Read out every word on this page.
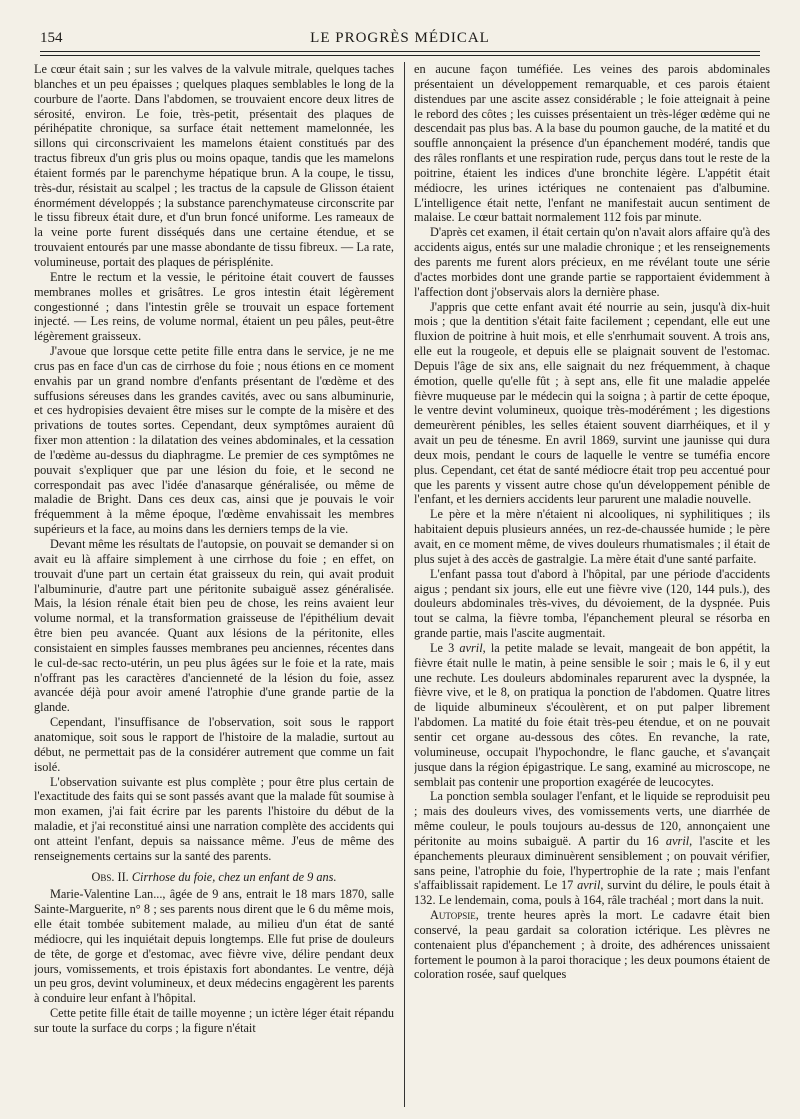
154	LE PROGRÈS MÉDICAL

Le cœur était sain ; sur les valves de la valvule mitrale, quelques taches blanches et un peu épaisses ; quelques plaques semblables le long de la courbure de l'aorte. Dans l'abdomen, se trouvaient encore deux litres de sérosité, environ. Le foie, très-petit, présentait des plaques de périhépatite chronique, sa surface était nettement mamelonnée, les sillons qui circonscrivaient les mamelons étaient constitués par des tractus fibreux d'un gris plus ou moins opaque, tandis que les mamelons étaient formés par le parenchyme hépatique brun. A la coupe, le tissu, très-dur, résistait au scalpel ; les tractus de la capsule de Glisson étaient énormément développés ; la substance parenchymateuse circonscrite par le tissu fibreux était dure, et d'un brun foncé uniforme. Les rameaux de la veine porte furent disséqués dans une certaine étendue, et se trouvaient entourés par une masse abondante de tissu fibreux. — La rate, volumineuse, portait des plaques de périsplénite.

Entre le rectum et la vessie, le péritoine était couvert de fausses membranes molles et grisâtres. Le gros intestin était légèrement congestionné ; dans l'intestin grêle se trouvait un espace fortement injecté. — Les reins, de volume normal, étaient un peu pâles, peut-être légèrement graisseux.

J'avoue que lorsque cette petite fille entra dans le service, je ne me crus pas en face d'un cas de cirrhose du foie ; nous étions en ce moment envahis par un grand nombre d'enfants présentant de l'œdème et des suffusions séreuses dans les grandes cavités, avec ou sans albuminurie, et ces hydropisies devaient être mises sur le compte de la misère et des privations de toutes sortes. Cependant, deux symptômes auraient dû fixer mon attention : la dilatation des veines abdominales, et la cessation de l'œdème au-dessus du diaphragme. Le premier de ces symptômes ne pouvait s'expliquer que par une lésion du foie, et le second ne correspondait pas avec l'idée d'anasarque généralisée, ou même de maladie de Bright. Dans ces deux cas, ainsi que je pouvais le voir fréquemment à la même époque, l'œdème envahissait les membres supérieurs et la face, au moins dans les derniers temps de la vie.

Devant même les résultats de l'autopsie, on pouvait se demander si on avait eu là affaire simplement à une cirrhose du foie ; en effet, on trouvait d'une part un certain état graisseux du rein, qui avait produit l'albuminurie, d'autre part une péritonite subaiguë assez généralisée. Mais, la lésion rénale était bien peu de chose, les reins avaient leur volume normal, et la transformation graisseuse de l'épithélium devait être bien peu avancée. Quant aux lésions de la péritonite, elles consistaient en simples fausses membranes peu anciennes, récentes dans le cul-de-sac recto-utérin, un peu plus âgées sur le foie et la rate, mais n'offrant pas les caractères d'ancienneté de la lésion du foie, assez avancée déjà pour avoir amené l'atrophie d'une grande partie de la glande.

Cependant, l'insuffisance de l'observation, soit sous le rapport anatomique, soit sous le rapport de l'histoire de la maladie, surtout au début, ne permettait pas de la considérer autrement que comme un fait isolé.

L'observation suivante est plus complète ; pour être plus certain de l'exactitude des faits qui se sont passés avant que la malade fût soumise à mon examen, j'ai fait écrire par les parents l'histoire du début de la maladie, et j'ai reconstitué ainsi une narration complète des accidents qui ont atteint l'enfant, depuis sa naissance même. J'eus de même des renseignements certains sur la santé des parents.

Obs. II. Cirrhose du foie, chez un enfant de 9 ans.

Marie-Valentine Lan..., âgée de 9 ans, entrait le 18 mars 1870, salle Sainte-Marguerite, n° 8 ; ses parents nous dirent que le 6 du même mois, elle était tombée subitement malade, au milieu d'un état de santé médiocre, qui les inquiétait depuis longtemps. Elle fut prise de douleurs de tête, de gorge et d'estomac, avec fièvre vive, délire pendant deux jours, vomissements, et trois épistaxis fort abondantes. Le ventre, déjà un peu gros, devint volumineux, et deux médecins engagèrent les parents à conduire leur enfant à l'hôpital.

Cette petite fille était de taille moyenne ; un ictère léger était répandu sur toute la surface du corps ; la figure n'était

en aucune façon tuméfiée. Les veines des parois abdominales présentaient un développement remarquable, et ces parois étaient distendues par une ascite assez considérable ; le foie atteignait à peine le rebord des côtes ; les cuisses présentaient un très-léger œdème qui ne descendait pas plus bas. A la base du poumon gauche, de la matité et du souffle annonçaient la présence d'un épanchement modéré, tandis que des râles ronflants et une respiration rude, perçus dans tout le reste de la poitrine, étaient les indices d'une bronchite légère. L'appétit était médiocre, les urines ictériques ne contenaient pas d'albumine. L'intelligence était nette, l'enfant ne manifestait aucun sentiment de malaise. Le cœur battait normalement 112 fois par minute.

D'après cet examen, il était certain qu'on n'avait alors affaire qu'à des accidents aigus, entés sur une maladie chronique ; et les renseignements des parents me furent alors précieux, en me révélant toute une série d'actes morbides dont une grande partie se rapportaient évidemment à l'affection dont j'observais alors la dernière phase.

J'appris que cette enfant avait été nourrie au sein, jusqu'à dix-huit mois ; que la dentition s'était faite facilement ; cependant, elle eut une fluxion de poitrine à huit mois, et elle s'enrhumait souvent. A trois ans, elle eut la rougeole, et depuis elle se plaignait souvent de l'estomac. Depuis l'âge de six ans, elle saignait du nez fréquemment, à chaque émotion, quelle qu'elle fût ; à sept ans, elle fit une maladie appelée fièvre muqueuse par le médecin qui la soigna ; à partir de cette époque, le ventre devint volumineux, quoique très-modérément ; les digestions demeurèrent pénibles, les selles étaient souvent diarrhéiques, et il y avait un peu de ténesme. En avril 1869, survint une jaunisse qui dura deux mois, pendant le cours de laquelle le ventre se tuméfia encore plus. Cependant, cet état de santé médiocre était trop peu accentué pour que les parents y vissent autre chose qu'un développement pénible de l'enfant, et les derniers accidents leur parurent une maladie nouvelle.

Le père et la mère n'étaient ni alcooliques, ni syphilitiques ; ils habitaient depuis plusieurs années, un rez-de-chaussée humide ; le père avait, en ce moment même, de vives douleurs rhumatismales ; il était de plus sujet à des accès de gastralgie. La mère était d'une santé parfaite.

L'enfant passa tout d'abord à l'hôpital, par une période d'accidents aigus ; pendant six jours, elle eut une fièvre vive (120, 144 puls.), des douleurs abdominales très-vives, du dévoiement, de la dyspnée. Puis tout se calma, la fièvre tomba, l'épanchement pleural se résorba en grande partie, mais l'ascite augmentait.

Le 3 avril, la petite malade se levait, mangeait de bon appétit, la fièvre était nulle le matin, à peine sensible le soir ; mais le 6, il y eut une rechute. Les douleurs abdominales reparurent avec la dyspnée, la fièvre vive, et le 8, on pratiqua la ponction de l'abdomen. Quatre litres de liquide albumineux s'écoulèrent, et on put palper librement l'abdomen. La matité du foie était très-peu étendue, et on ne pouvait sentir cet organe au-dessous des côtes. En revanche, la rate, volumineuse, occupait l'hypochondre, le flanc gauche, et s'avançait jusque dans la région épigastrique. Le sang, examiné au microscope, ne semblait pas contenir une proportion exagérée de leucocytes.

La ponction sembla soulager l'enfant, et le liquide se reproduisit peu ; mais des douleurs vives, des vomissements verts, une diarrhée de même couleur, le pouls toujours au-dessus de 120, annonçaient une péritonite au moins subaiguë. A partir du 16 avril, l'ascite et les épanchements pleuraux diminuèrent sensiblement ; on pouvait vérifier, sans peine, l'atrophie du foie, l'hypertrophie de la rate ; mais l'enfant s'affaiblissait rapidement. Le 17 avril, survint du délire, le pouls était à 132. Le lendemain, coma, pouls à 164, râle trachéal ; mort dans la nuit.

Autopsie, trente heures après la mort. Le cadavre était bien conservé, la peau gardait sa coloration ictérique. Les plèvres ne contenaient plus d'épanchement ; à droite, des adhérences unissaient fortement le poumon à la paroi thoracique ; les deux poumons étaient de coloration rosée, sauf quelques
